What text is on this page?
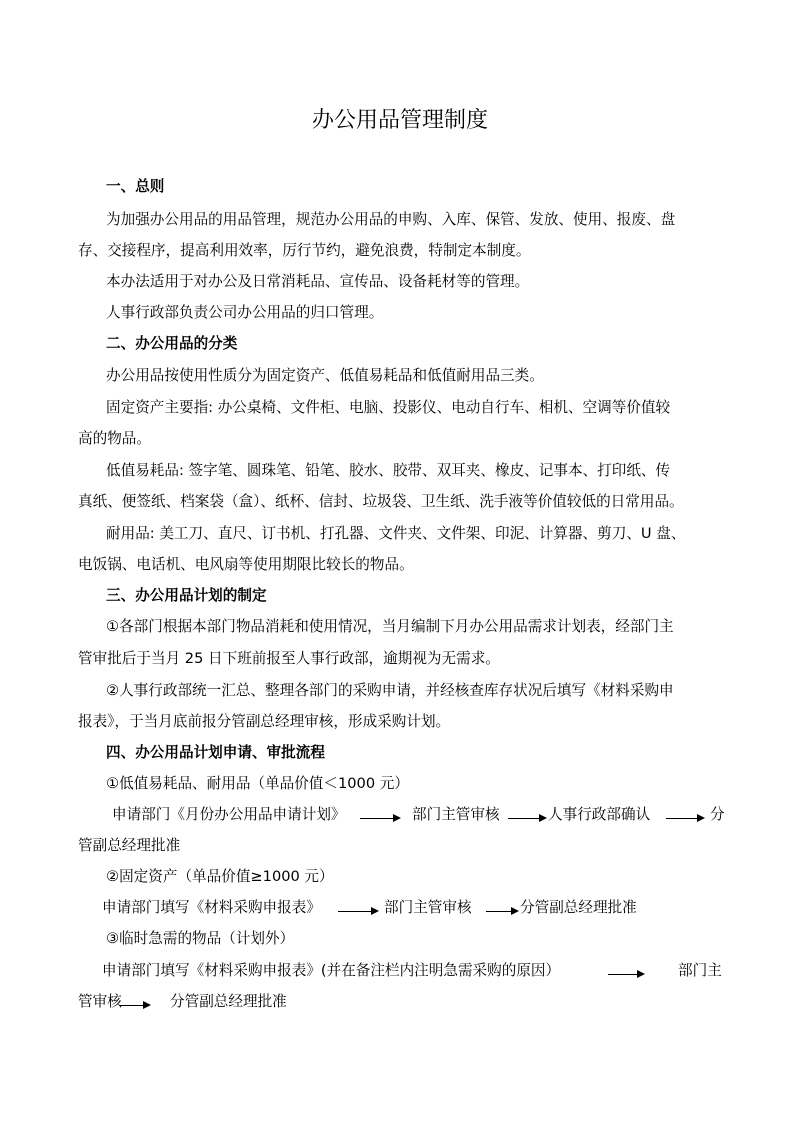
办公用品管理制度
一、总则
为加强办公用品的用品管理，规范办公用品的申购、入库、保管、发放、使用、报废、盘
存、交接程序，提高利用效率，厉行节约，避免浪费，特制定本制度。
本办法适用于对办公及日常消耗品、宣传品、设备耗材等的管理。
人事行政部负责公司办公用品的归口管理。
二、办公用品的分类
办公用品按使用性质分为固定资产、低值易耗品和低值耐用品三类。
固定资产主要指: 办公桌椅、文件柜、电脑、投影仪、电动自行车、相机、空调等价值较
高的物品。
低值易耗品: 签字笔、圆珠笔、铅笔、胶水、胶带、双耳夹、橡皮、记事本、打印纸、传
真纸、便签纸、档案袋（盒）、纸杯、信封、垃圾袋、卫生纸、洗手液等价值较低的日常用品。
耐用品: 美工刀、直尺、订书机、打孔器、文件夹、文件架、印泥、计算器、剪刀、U 盘、
电饭锅、电话机、电风扇等使用期限比较长的物品。
三、办公用品计划的制定
①各部门根据本部门物品消耗和使用情况，当月编制下月办公用品需求计划表，经部门主
管审批后于当月 25 日下班前报至人事行政部，逾期视为无需求。
②人事行政部统一汇总、整理各部门的采购申请，并经核查库存状况后填写《材料采购申
报表》，于当月底前报分管副总经理审核，形成采购计划。
四、办公用品计划申请、审批流程
①低值易耗品、耐用品（单品价值＜1000 元）
申请部门《月份办公用品申请计划》	部门主管审核	人事行政部确认	分
管副总经理批准
②固定资产（单品价值≥1000 元）
申请部门填写《材料采购申报表》	部门主管审核	分管副总经理批准
③临时急需的物品（计划外）
申请部门填写《材料采购申报表》(并在备注栏内注明急需采购的原因）	部门主
管审核	分管副总经理批准
